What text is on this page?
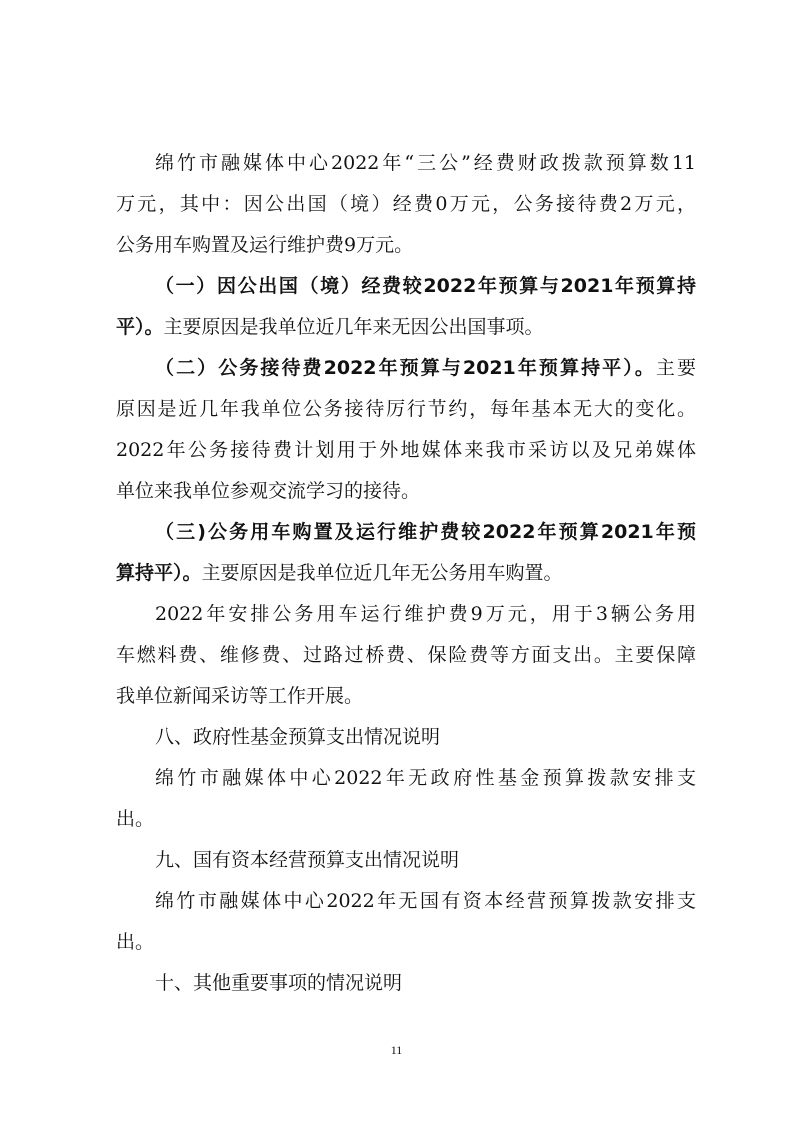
绵竹市融媒体中心2022年“三公”经费财政拨款预算数11
万元，其中：因公出国（境）经费0万元，公务接待费2万元，
公务用车购置及运行维护费9万元。
（一）因公出国（境）经费较2022年预算与2021年预算持
平）。主要原因是我单位近几年来无因公出国事项。
（二）公务接待费2022年预算与2021年预算持平）。主要
原因是近几年我单位公务接待厉行节约，每年基本无大的变化。
2022年公务接待费计划用于外地媒体来我市采访以及兄弟媒体
单位来我单位参观交流学习的接待。
（三)公务用车购置及运行维护费较2022年预算2021年预
算持平）。主要原因是我单位近几年无公务用车购置。
2022年安排公务用车运行维护费9万元，用于3辆公务用
车燃料费、维修费、过路过桥费、保险费等方面支出。主要保障
我单位新闻采访等工作开展。
八、政府性基金预算支出情况说明
绵竹市融媒体中心2022年无政府性基金预算拨款安排支
出。
九、国有资本经营预算支出情况说明
绵竹市融媒体中心2022年无国有资本经营预算拨款安排支
出。
十、其他重要事项的情况说明
11
